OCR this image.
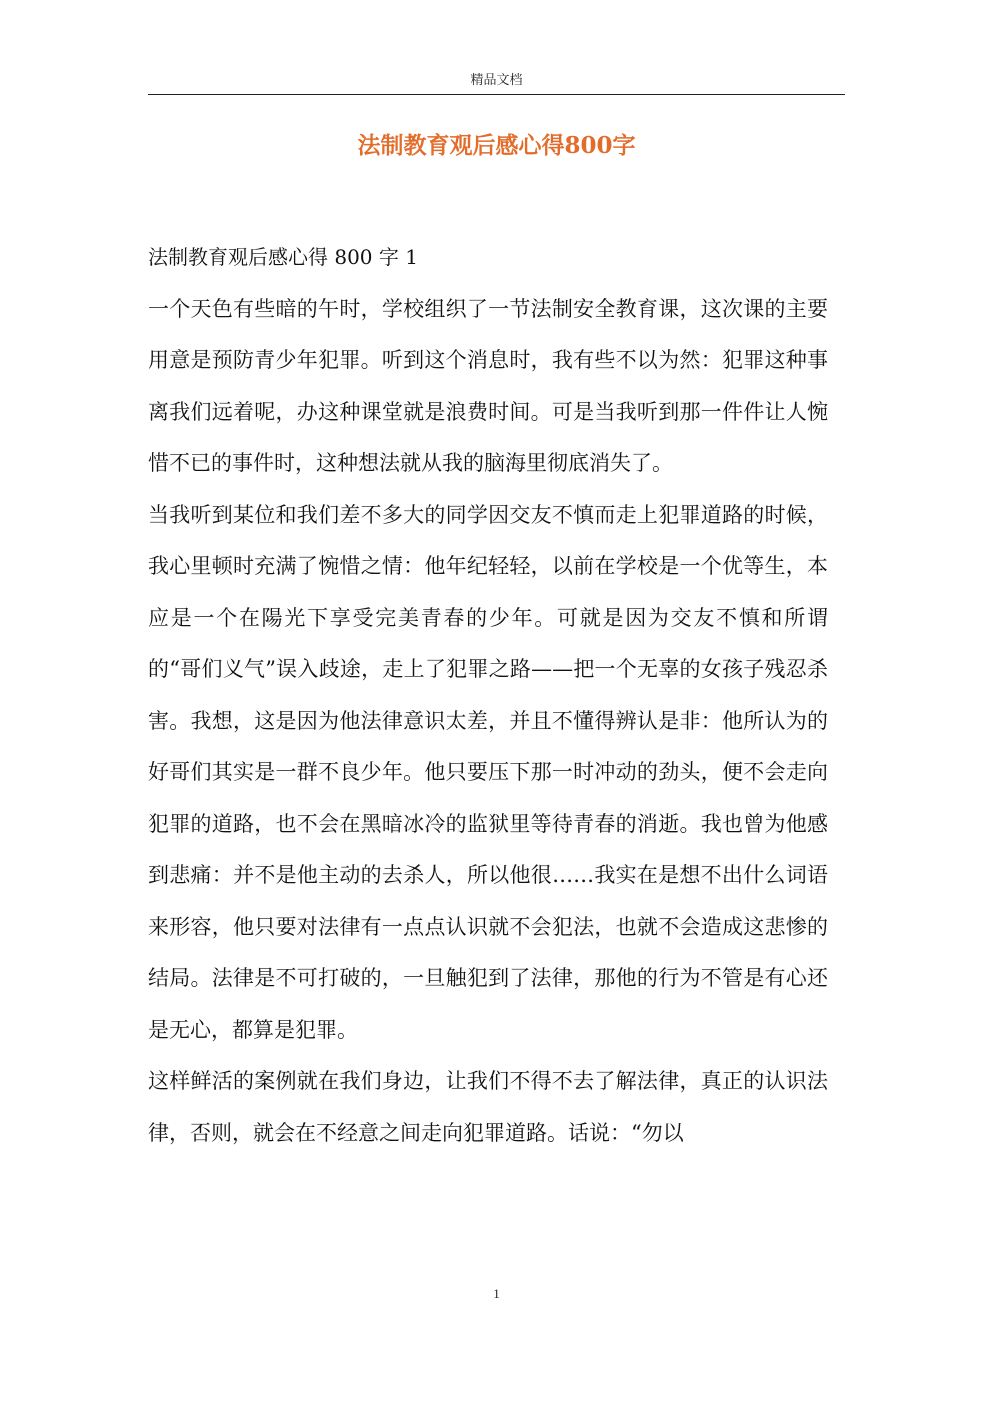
精品文档
法制教育观后感心得800字

法制教育观后感心得 800 字 1

一个天色有些暗的午时，学校组织了一节法制安全教育课，这次课的主要用意是预防青少年犯罪。听到这个消息时，我有些不以为然：犯罪这种事离我们远着呢，办这种课堂就是浪费时间。可是当我听到那一件件让人惋惜不已的事件时，这种想法就从我的脑海里彻底消失了。

当我听到某位和我们差不多大的同学因交友不慎而走上犯罪道路的时候，我心里顿时充满了惋惜之情：他年纪轻轻，以前在学校是一个优等生，本应是一个在陽光下享受完美青春的少年。可就是因为交友不慎和所谓的“哥们义气”误入歧途，走上了犯罪之路——把一个无辜的女孩子残忍杀害。我想，这是因为他法律意识太差，并且不懂得辨认是非：他所认为的好哥们其实是一群不良少年。他只要压下那一时冲动的劲头，便不会走向犯罪的道路，也不会在黑暗冰冷的监狱里等待青春的消逝。我也曾为他感到悲痛：并不是他主动的去杀人，所以他很……我实在是想不出什么词语来形容，他只要对法律有一点点认识就不会犯法，也就不会造成这悲惨的结局。法律是不可打破的，一旦触犯到了法律，那他的行为不管是有心还是无心，都算是犯罪。

这样鲜活的案例就在我们身边，让我们不得不去了解法律，真正的认识法律，否则，就会在不经意之间走向犯罪道路。话说：“勿以

1
